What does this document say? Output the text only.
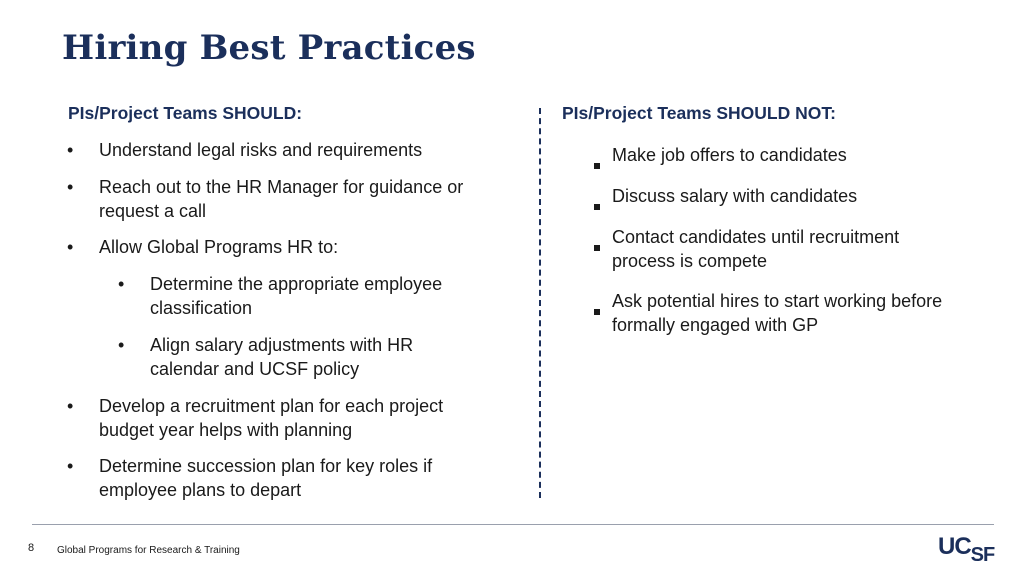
Hiring Best Practices
PIs/Project Teams SHOULD:	PIs/Project Teams SHOULD NOT:
• Understand legal risks and requirements
• Reach out to the HR Manager for guidance or request a call
• Allow Global Programs HR to:
• Determine the appropriate employee classification
• Align salary adjustments with HR calendar and UCSF policy
• Develop a recruitment plan for each project budget year helps with planning
• Determine succession plan for key roles if employee plans to depart
Make job offers to candidates
Discuss salary with candidates
Contact candidates until recruitment process is compete
Ask potential hires to start working before formally engaged with GP
8 Global Programs for Research & Training	UCSF
